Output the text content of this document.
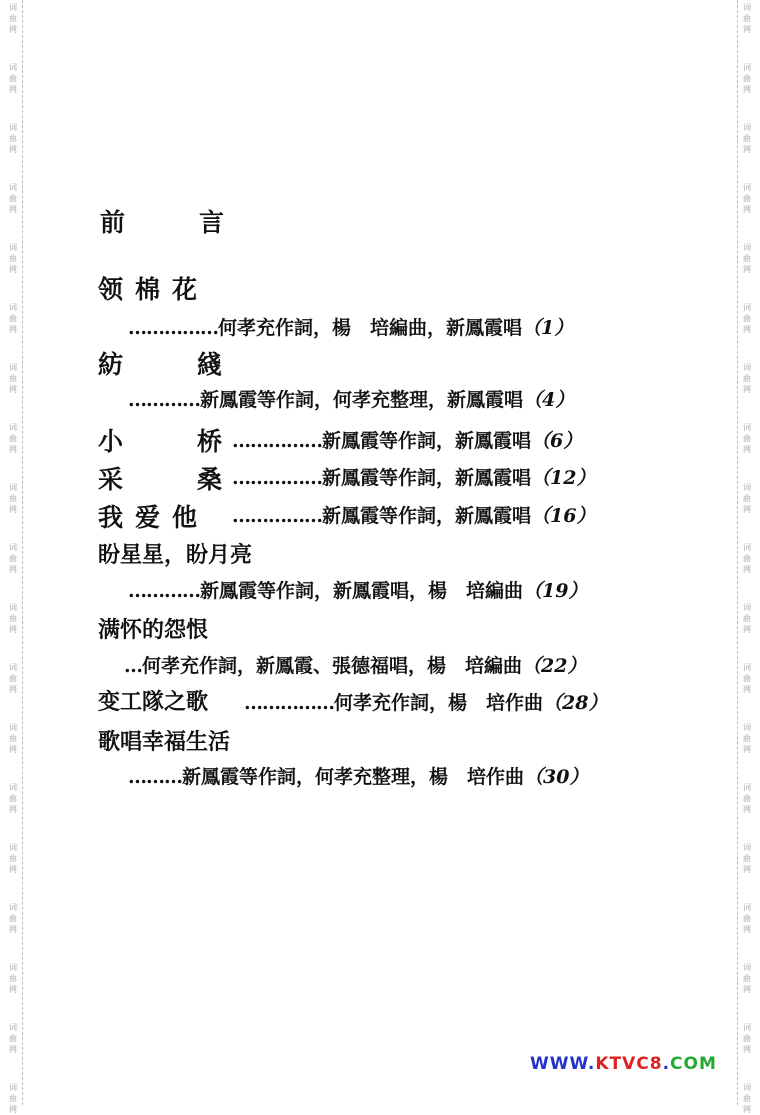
词
曲
网
词
曲
网
词
曲
网
词
曲
网
词
曲
网
词
曲
网
词
曲
网
词
曲
网
词
曲
网
词
曲
网
词
曲
网
词
曲
网
词
曲
网
词
曲
网
词
曲
网
词
曲
网
词
曲
网
词
曲
网
词
曲
网
词
曲
网
词
曲
网
词
曲
网
词
曲
网
词
曲
网
词
曲
网
词
曲
网
词
曲
网
词
曲
网
词
曲
网
词
曲
网
词
曲
网
词
曲
网
词
曲
网
词
曲
网
词
曲
网
词
曲
网
词
曲
网
词
曲
网
前	言
领 棉 花
……………何孝充作詞，楊　培編曲，新鳳霞唱（1）
紡	綫
…………新鳳霞等作詞，何孝充整理，新鳳霞唱（4）
小	桥 ……………新鳳霞等作詞，新鳳霞唱（6）
采	桑 ……………新鳳霞等作詞，新鳳霞唱（12）
我 爱 他 ……………新鳳霞等作詞，新鳳霞唱（16）
盼星星，盼月亮
…………新鳳霞等作詞，新鳳霞唱，楊　培編曲（19）
满怀的怨恨
…何孝充作詞，新鳳霞、張德福唱，楊　培編曲（22）
变工隊之歌 ……………何孝充作詞，楊　培作曲（28）
歌唱幸福生活
………新鳳霞等作詞，何孝充整理，楊　培作曲（30）
WWW.KTVC8.COM
